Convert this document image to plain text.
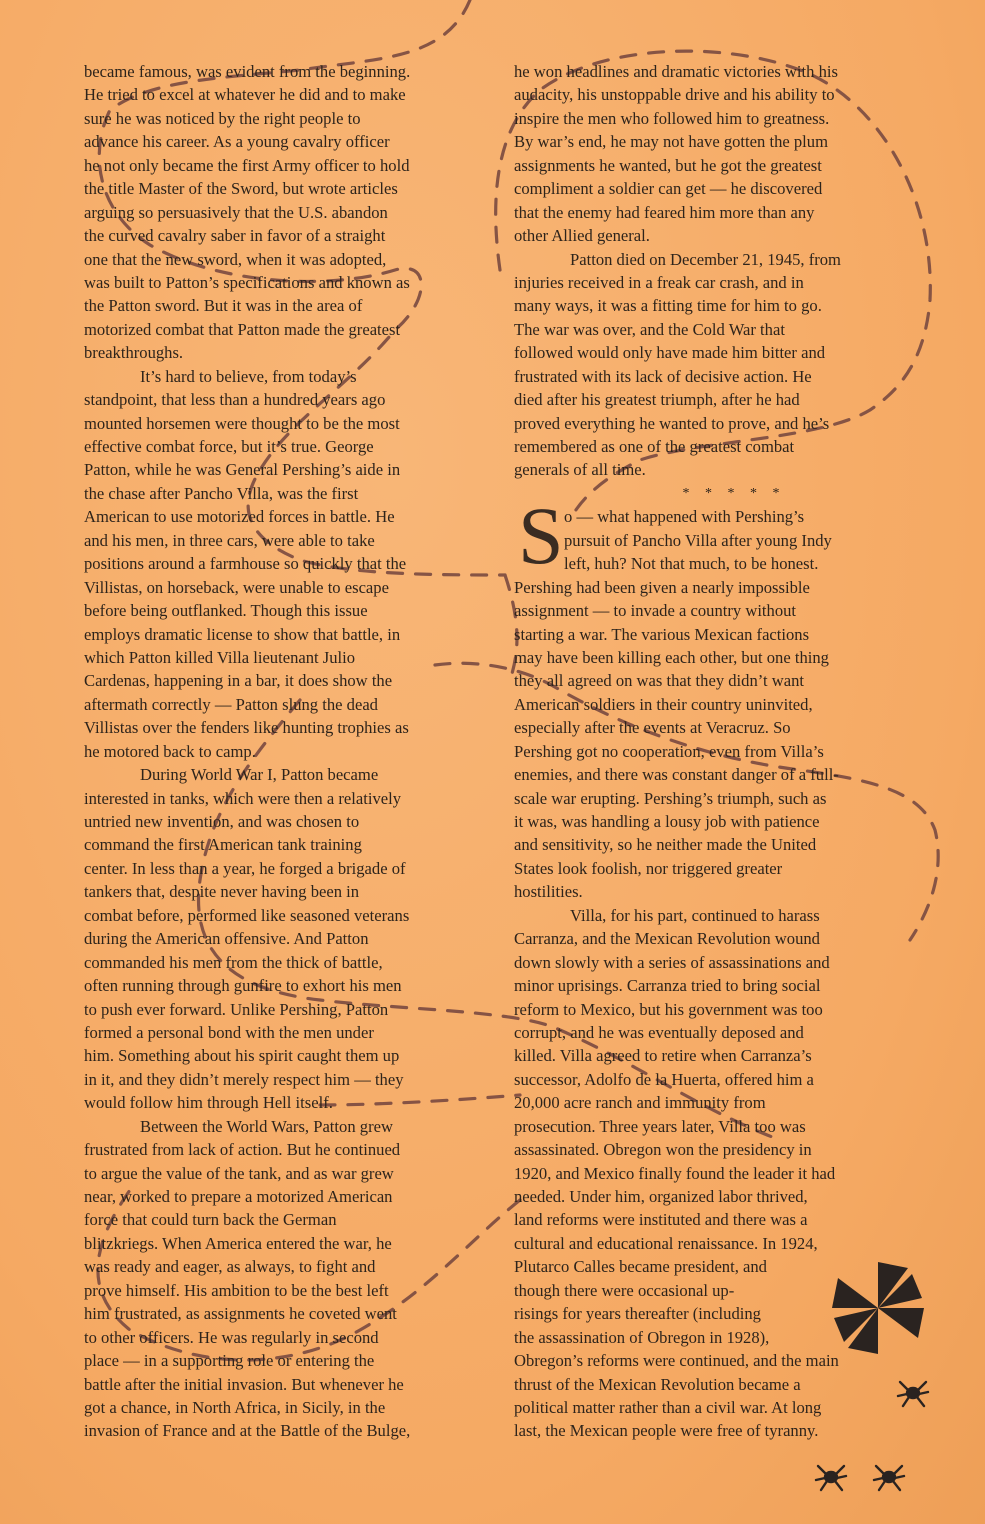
became famous, was evident from the beginning.
He tried to excel at whatever he did and to make
sure he was noticed by the right people to
advance his career. As a young cavalry officer
he not only became the first Army officer to hold
the title Master of the Sword, but wrote articles
arguing so persuasively that the U.S. abandon
the curved cavalry saber in favor of a straight
one that the new sword, when it was adopted,
was built to Patton’s specifications and known as
the Patton sword. But it was in the area of
motorized combat that Patton made the greatest
breakthroughs.
It’s hard to believe, from today’s
standpoint, that less than a hundred years ago
mounted horsemen were thought to be the most
effective combat force, but it’s true. George
Patton, while he was General Pershing’s aide in
the chase after Pancho Villa, was the first
American to use motorized forces in battle. He
and his men, in three cars, were able to take
positions around a farmhouse so quickly that the
Villistas, on horseback, were unable to escape
before being outflanked. Though this issue
employs dramatic license to show that battle, in
which Patton killed Villa lieutenant Julio
Cardenas, happening in a bar, it does show the
aftermath correctly — Patton slung the dead
Villistas over the fenders like hunting trophies as
he motored back to camp.
During World War I, Patton became
interested in tanks, which were then a relatively
untried new invention, and was chosen to
command the first American tank training
center. In less than a year, he forged a brigade of
tankers that, despite never having been in
combat before, performed like seasoned veterans
during the American offensive. And Patton
commanded his men from the thick of battle,
often running through gunfire to exhort his men
to push ever forward. Unlike Pershing, Patton
formed a personal bond with the men under
him. Something about his spirit caught them up
in it, and they didn’t merely respect him — they
would follow him through Hell itself.
Between the World Wars, Patton grew
frustrated from lack of action. But he continued
to argue the value of the tank, and as war grew
near, worked to prepare a motorized American
force that could turn back the German
blitzkriegs. When America entered the war, he
was ready and eager, as always, to fight and
prove himself. His ambition to be the best left
him frustrated, as assignments he coveted went
to other officers. He was regularly in second
place — in a supporting role or entering the
battle after the initial invasion. But whenever he
got a chance, in North Africa, in Sicily, in the
invasion of France and at the Battle of the Bulge,
he won headlines and dramatic victories with his
audacity, his unstoppable drive and his ability to
inspire the men who followed him to greatness.
By war’s end, he may not have gotten the plum
assignments he wanted, but he got the greatest
compliment a soldier can get — he discovered
that the enemy had feared him more than any
other Allied general.
Patton died on December 21, 1945, from
injuries received in a freak car crash, and in
many ways, it was a fitting time for him to go.
The war was over, and the Cold War that
followed would only have made him bitter and
frustrated with its lack of decisive action. He
died after his greatest triumph, after he had
proved everything he wanted to prove, and he’s
remembered as one of the greatest combat
generals of all time.
* * * * *
S o — what happened with Pershing’s
pursuit of Pancho Villa after young Indy
left, huh? Not that much, to be honest.
Pershing had been given a nearly impossible
assignment — to invade a country without
starting a war. The various Mexican factions
may have been killing each other, but one thing
they all agreed on was that they didn’t want
American soldiers in their country uninvited,
especially after the events at Veracruz. So
Pershing got no cooperation, even from Villa’s
enemies, and there was constant danger of a full-
scale war erupting. Pershing’s triumph, such as
it was, was handling a lousy job with patience
and sensitivity, so he neither made the United
States look foolish, nor triggered greater
hostilities.
Villa, for his part, continued to harass
Carranza, and the Mexican Revolution wound
down slowly with a series of assassinations and
minor uprisings. Carranza tried to bring social
reform to Mexico, but his government was too
corrupt, and he was eventually deposed and
killed. Villa agreed to retire when Carranza’s
successor, Adolfo de la Huerta, offered him a
20,000 acre ranch and immunity from
prosecution. Three years later, Villa too was
assassinated. Obregon won the presidency in
1920, and Mexico finally found the leader it had
needed. Under him, organized labor thrived,
land reforms were instituted and there was a
cultural and educational renaissance. In 1924,
Plutarco Calles became president, and
though there were occasional up-
risings for years thereafter (including
the assassination of Obregon in 1928),
Obregon’s reforms were continued, and the main
thrust of the Mexican Revolution became a
political matter rather than a civil war. At long
last, the Mexican people were free of tyranny.
